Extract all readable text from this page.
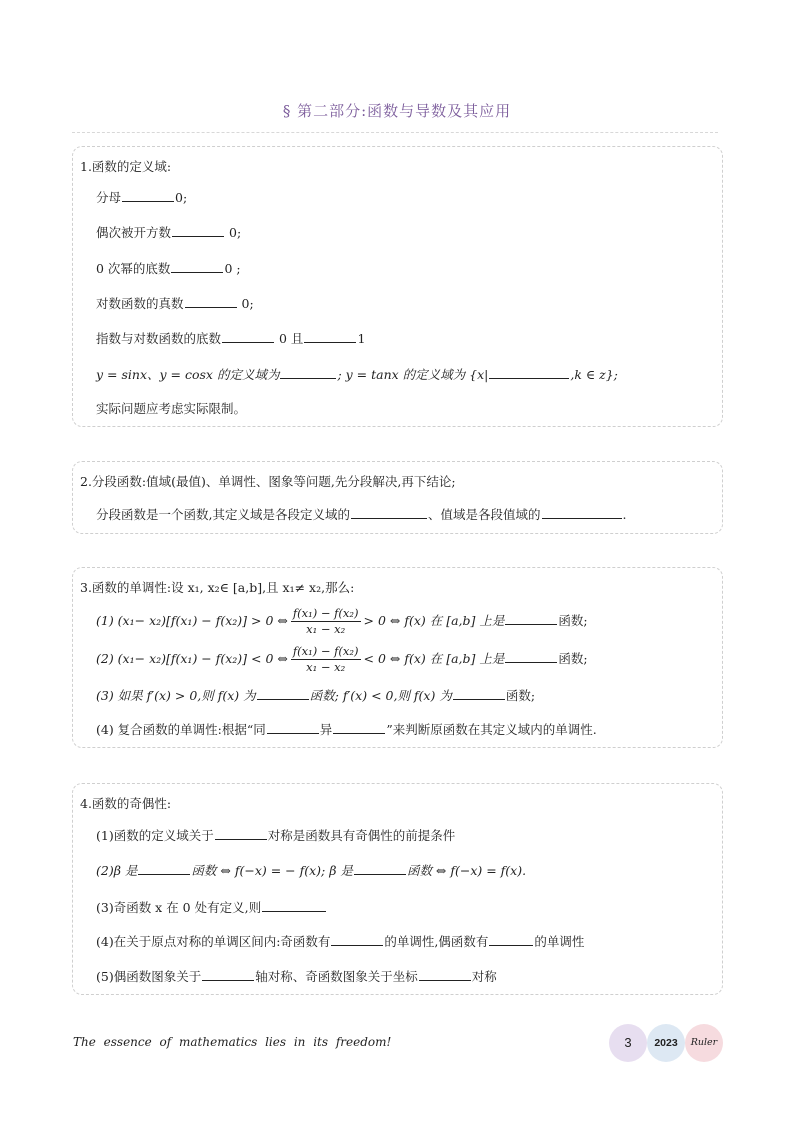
§ 第二部分:函数与导数及其应用
1.函数的定义域:
分母	0;
偶次被开方数	0;
0 次幂的底数	0 ;
对数函数的真数	0;
指数与对数函数的底数	0 且	1
y = sinx、y = cosx 的定义域为	; y = tanx 的定义域为 {x|	,k ∈ z};
实际问题应考虑实际限制。
2.分段函数:值域(最值)、单调性、图象等问题,先分段解决,再下结论;
分段函数是一个函数,其定义域是各段定义域的	、值域是各段值域的	.
3.函数的单调性:设 x₁, x₂∈ [a,b],且 x₁≠ x₂,那么:
(1) (x₁− x₂)[f(x₁) − f(x₂)] > 0 ⇔ $\frac{\text{f(x₁) − f(x₂)}}{\text{x₁ − x₂}} > 0$ ⇔ f(x) 在 [a,b] 上是	函数;
(2) (x₁− x₂)[f(x₁) − f(x₂)] < 0 ⇔ $\frac{\text{f(x₁) − f(x₂)}}{\text{x₁ − x₂}} < 0$ ⇔ f(x) 在 [a,b] 上是	函数;
(3) 如果 f′(x) > 0,则 f(x) 为	函数; f′(x) < 0,则 f(x) 为	函数;
(4) 复合函数的单调性:根据“同	异	”来判断原函数在其定义域内的单调性.
4.函数的奇偶性:
(1)函数的定义域关于	对称是函数具有奇偶性的前提条件
(2)β 是	函数 ⇔ f(−x) = − f(x); β 是	函数 ⇔ f(−x) = f(x).
(3)奇函数 x 在 0 处有定义,则
(4)在关于原点对称的单调区间内:奇函数有	的单调性,偶函数有	的单调性
(5)偶函数图象关于	轴对称、奇函数图象关于坐标	对称
The essence of mathematics lies in its freedom!	3	2023	Ruler
